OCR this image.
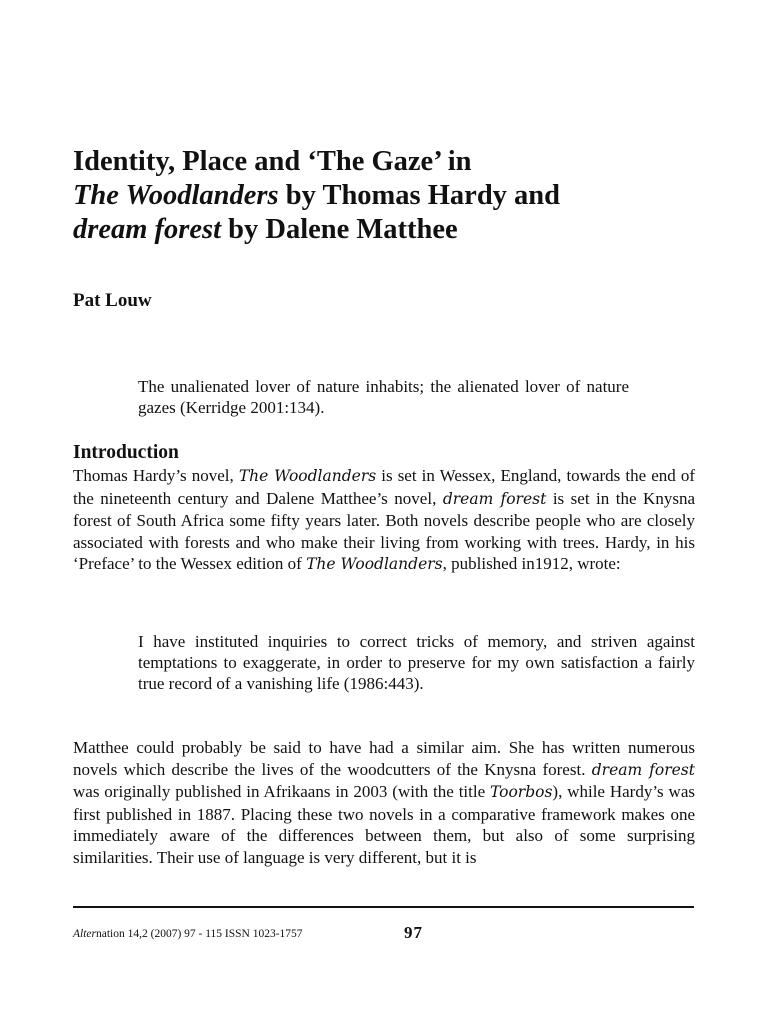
Identity, Place and ‘The Gaze’ in
The Woodlanders by Thomas Hardy and
dream forest by Dalene Matthee
Pat Louw
The unalienated lover of nature inhabits; the alienated lover of nature gazes (Kerridge 2001:134).
Introduction
Thomas Hardy’s novel, The Woodlanders is set in Wessex, England, towards the end of the nineteenth century and Dalene Matthee’s novel, dream forest is set in the Knysna forest of South Africa some fifty years later. Both novels describe people who are closely associated with forests and who make their living from working with trees. Hardy, in his ‘Preface’ to the Wessex edition of The Woodlanders, published in1912, wrote:
I have instituted inquiries to correct tricks of memory, and striven against temptations to exaggerate, in order to preserve for my own satisfaction a fairly true record of a vanishing life (1986:443).
Matthee could probably be said to have had a similar aim. She has written numerous novels which describe the lives of the woodcutters of the Knysna forest. dream forest was originally published in Afrikaans in 2003 (with the title Toorbos), while Hardy’s was first published in 1887. Placing these two novels in a comparative framework makes one immediately aware of the differences between them, but also of some surprising similarities. Their use of language is very different, but it is
Alternation 14,2 (2007) 97 - 115 ISSN 1023-1757	97
